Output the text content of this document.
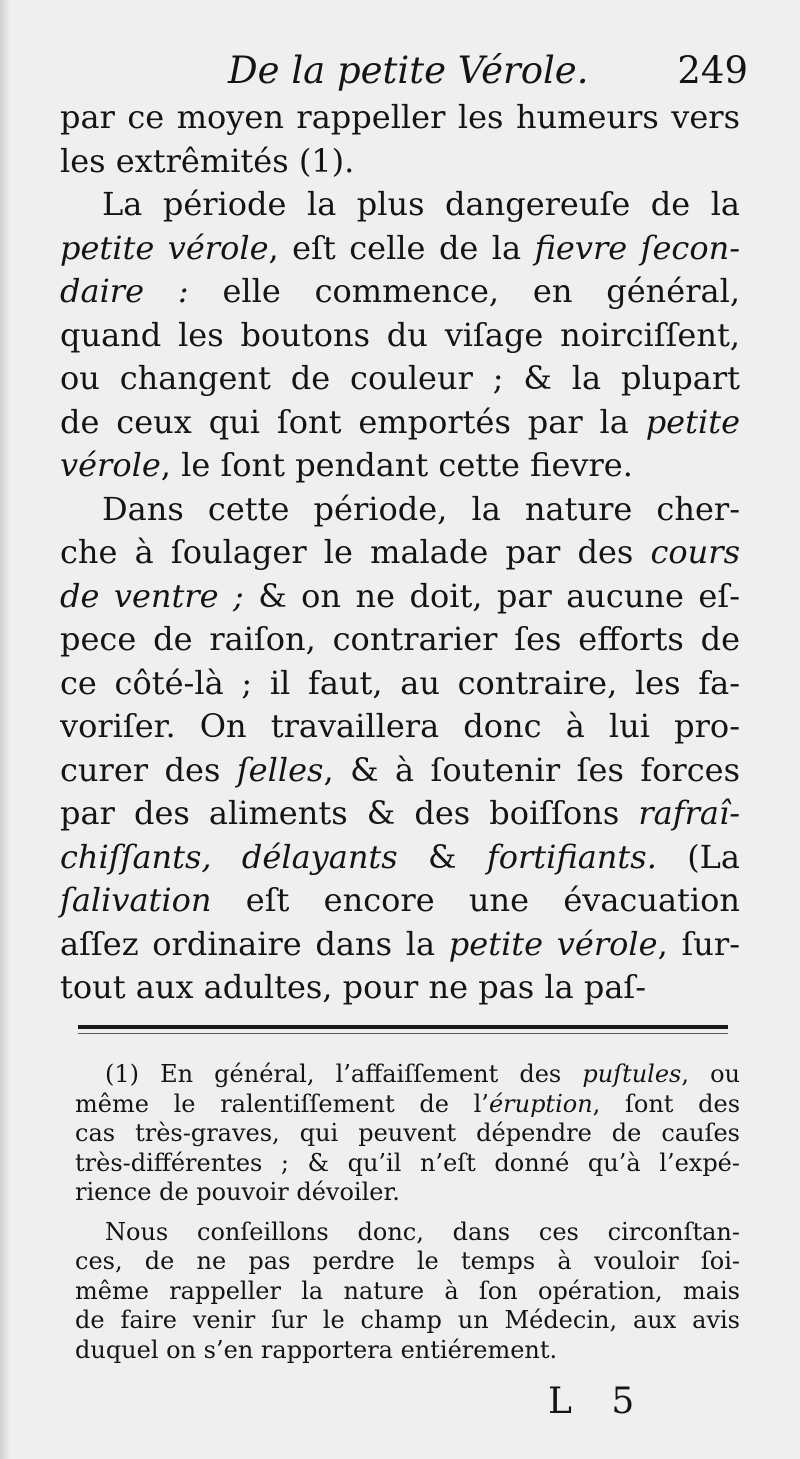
De la petite Vérole. 249
par ce moyen rappeller les humeurs vers
les extrêmités (1).
La période la plus dangereuſe de la
petite vérole, eſt celle de la fievre ſecon-
daire : elle commence, en général,
quand les boutons du viſage noirciſſent,
ou changent de couleur ; & la plupart
de ceux qui ſont emportés par la petite
vérole, le ſont pendant cette fievre.
Dans cette période, la nature cher-
che à ſoulager le malade par des cours
de ventre ; & on ne doit, par aucune eſ-
pece de raiſon, contrarier ſes efforts de
ce côté-là ; il faut, au contraire, les fa-
voriſer. On travaillera donc à lui pro-
curer des ſelles, & à ſoutenir ſes forces
par des aliments & des boiſſons rafraî-
chiſſants, délayants & fortifiants. (La
ſalivation eſt encore une évacuation
aſſez ordinaire dans la petite vérole, ſur-
tout aux adultes, pour ne pas la paſ-
(1) En général, l’affaiſſement des puſtules, ou
même le ralentiſſement de l’éruption, ſont des
cas très-graves, qui peuvent dépendre de cauſes
très-différentes ; & qu’il n’eſt donné qu’à l’expé-
rience de pouvoir dévoiler.
Nous conſeillons donc, dans ces circonſtan-
ces, de ne pas perdre le temps à vouloir ſoi-
même rappeller la nature à ſon opération, mais
de faire venir ſur le champ un Médecin, aux avis
duquel on s’en rapportera entiérement.
L 5
